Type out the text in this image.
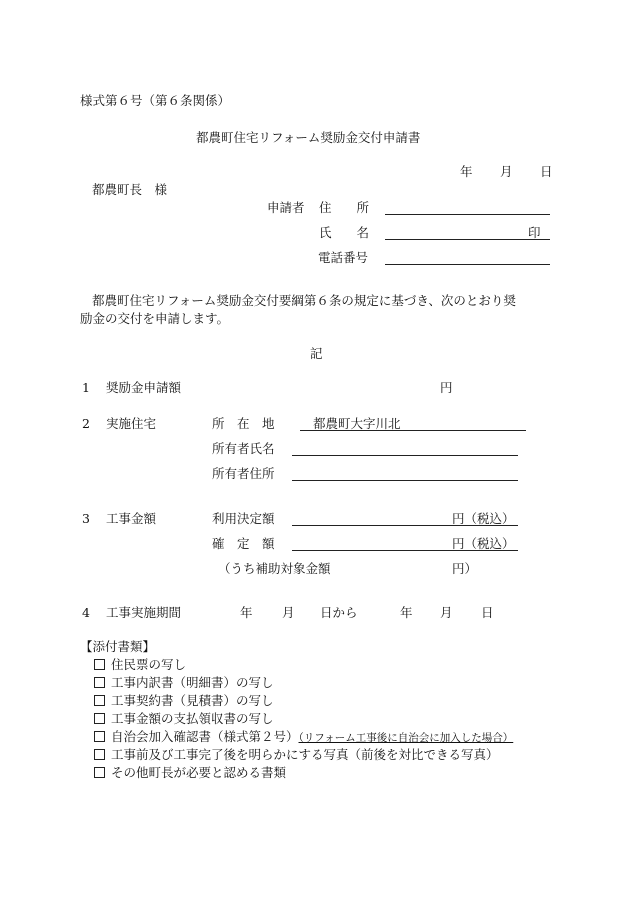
様式第６号（第６条関係）
都農町住宅リフォーム奨励金交付申請書
年 月 日
都農町長　様
申請者 住　　所
氏　　名	印
電話番号
都農町住宅リフォーム奨励金交付要綱第６条の規定に基づき、次のとおり奨
励金の交付を申請します。
記
1 奨励金申請額	円
2 実施住宅	所　在　地	都農町大字川北
所有者氏名
所有者住所
3 工事金額	利用決定額	円（税込）
確　定　額	円（税込）
（うち補助対象金額	円）
4 工事実施期間	年 月 日から	年 月 日
【添付書類】
住民票の写し
工事内訳書（明細書）の写し
工事契約書（見積書）の写し
工事金額の支払領収書の写し
自治会加入確認書（様式第２号）（リフォーム工事後に自治会に加入した場合）
工事前及び工事完了後を明らかにする写真（前後を対比できる写真）
その他町長が必要と認める書類
